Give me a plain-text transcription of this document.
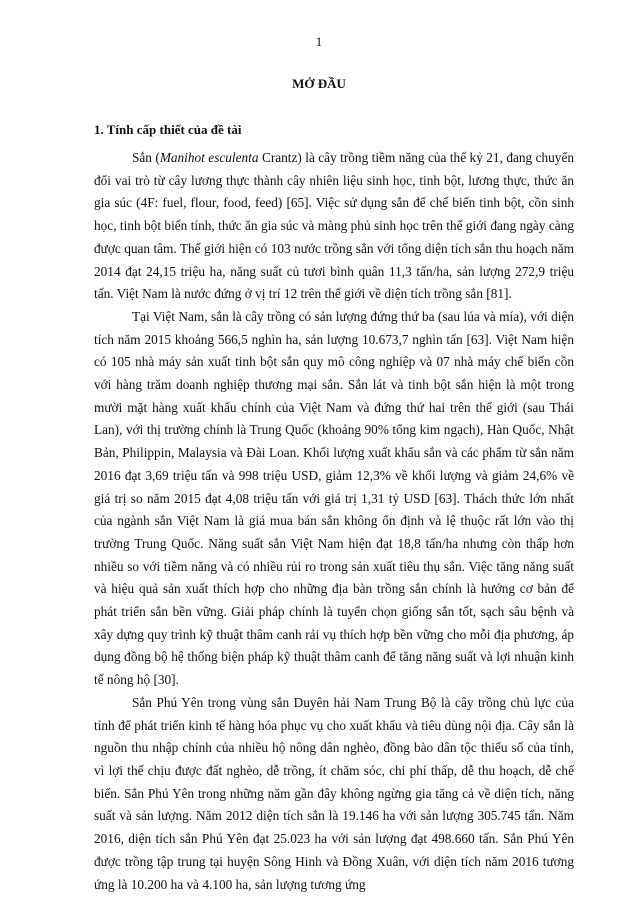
1
MỞ ĐẦU
1. Tính cấp thiết của đề tài

Sắn (Manihot esculenta Crantz) là cây trồng tiềm năng của thế kỷ 21, đang chuyển đổi vai trò từ cây lương thực thành cây nhiên liệu sinh học, tinh bột, lương thực, thức ăn gia súc (4F: fuel, flour, food, feed) [65]. Việc sử dụng sắn để chế biến tinh bột, cồn sinh học, tinh bột biến tính, thức ăn gia súc và màng phủ sinh học trên thế giới đang ngày càng được quan tâm. Thế giới hiện có 103 nước trồng sắn với tổng diện tích sắn thu hoạch năm 2014 đạt 24,15 triệu ha, năng suất củ tươi bình quân 11,3 tấn/ha, sản lượng 272,9 triệu tấn. Việt Nam là nước đứng ở vị trí 12 trên thế giới về diện tích trồng sắn [81].

Tại Việt Nam, sắn là cây trồng có sản lượng đứng thứ ba (sau lúa và mía), với diện tích năm 2015 khoảng 566,5 nghìn ha, sản lượng 10.673,7 nghìn tấn [63]. Việt Nam hiện có 105 nhà máy sản xuất tinh bột sắn quy mô công nghiệp và 07 nhà máy chế biến cồn với hàng trăm doanh nghiệp thương mại sắn. Sắn lát và tinh bột sắn hiện là một trong mười mặt hàng xuất khẩu chính của Việt Nam và đứng thứ hai trên thế giới (sau Thái Lan), với thị trường chính là Trung Quốc (khoảng 90% tổng kim ngạch), Hàn Quốc, Nhật Bản, Philippin, Malaysia và Đài Loan. Khối lượng xuất khẩu sắn và các phẩm từ sắn năm 2016 đạt 3,69 triệu tấn và 998 triệu USD, giảm 12,3% về khối lượng và giảm 24,6% về giá trị so năm 2015 đạt 4,08 triệu tấn với giá trị 1,31 tỷ USD [63]. Thách thức lớn nhất của ngành sắn Việt Nam là giá mua bán sắn không ổn định và lệ thuộc rất lớn vào thị trường Trung Quốc. Năng suất sắn Việt Nam hiện đạt 18,8 tấn/ha nhưng còn thấp hơn nhiều so với tiềm năng và có nhiều rủi ro trong sản xuất tiêu thụ sắn. Việc tăng năng suất và hiệu quả sản xuất thích hợp cho những địa bàn trồng sắn chính là hướng cơ bản để phát triển sắn bền vững. Giải pháp chính là tuyển chọn giống sắn tốt, sạch sâu bệnh và xây dựng quy trình kỹ thuật thâm canh rải vụ thích hợp bền vững cho mỗi địa phương, áp dụng đồng bộ hệ thống biện pháp kỹ thuật thâm canh để tăng năng suất và lợi nhuận kinh tế nông hộ [30].

Sắn Phú Yên trong vùng sắn Duyên hải Nam Trung Bộ là cây trồng chủ lực của tỉnh để phát triển kinh tế hàng hóa phục vụ cho xuất khẩu và tiêu dùng nội địa. Cây sắn là nguồn thu nhập chính của nhiều hộ nông dân nghèo, đồng bào dân tộc thiểu số của tỉnh, vì lợi thế chịu được đất nghèo, dễ trồng, ít chăm sóc, chi phí thấp, dễ thu hoạch, dễ chế biến. Sắn Phú Yên trong những năm gần đây không ngừng gia tăng cả về diện tích, năng suất và sản lượng. Năm 2012 diện tích sắn là 19.146 ha với sản lượng 305.745 tấn. Năm 2016, diện tích sắn Phú Yên đạt 25.023 ha với sản lượng đạt 498.660 tấn. Sắn Phú Yên được trồng tập trung tại huyện Sông Hinh và Đồng Xuân, với diện tích năm 2016 tương ứng là 10.200 ha và 4.100 ha, sản lượng tương ứng
